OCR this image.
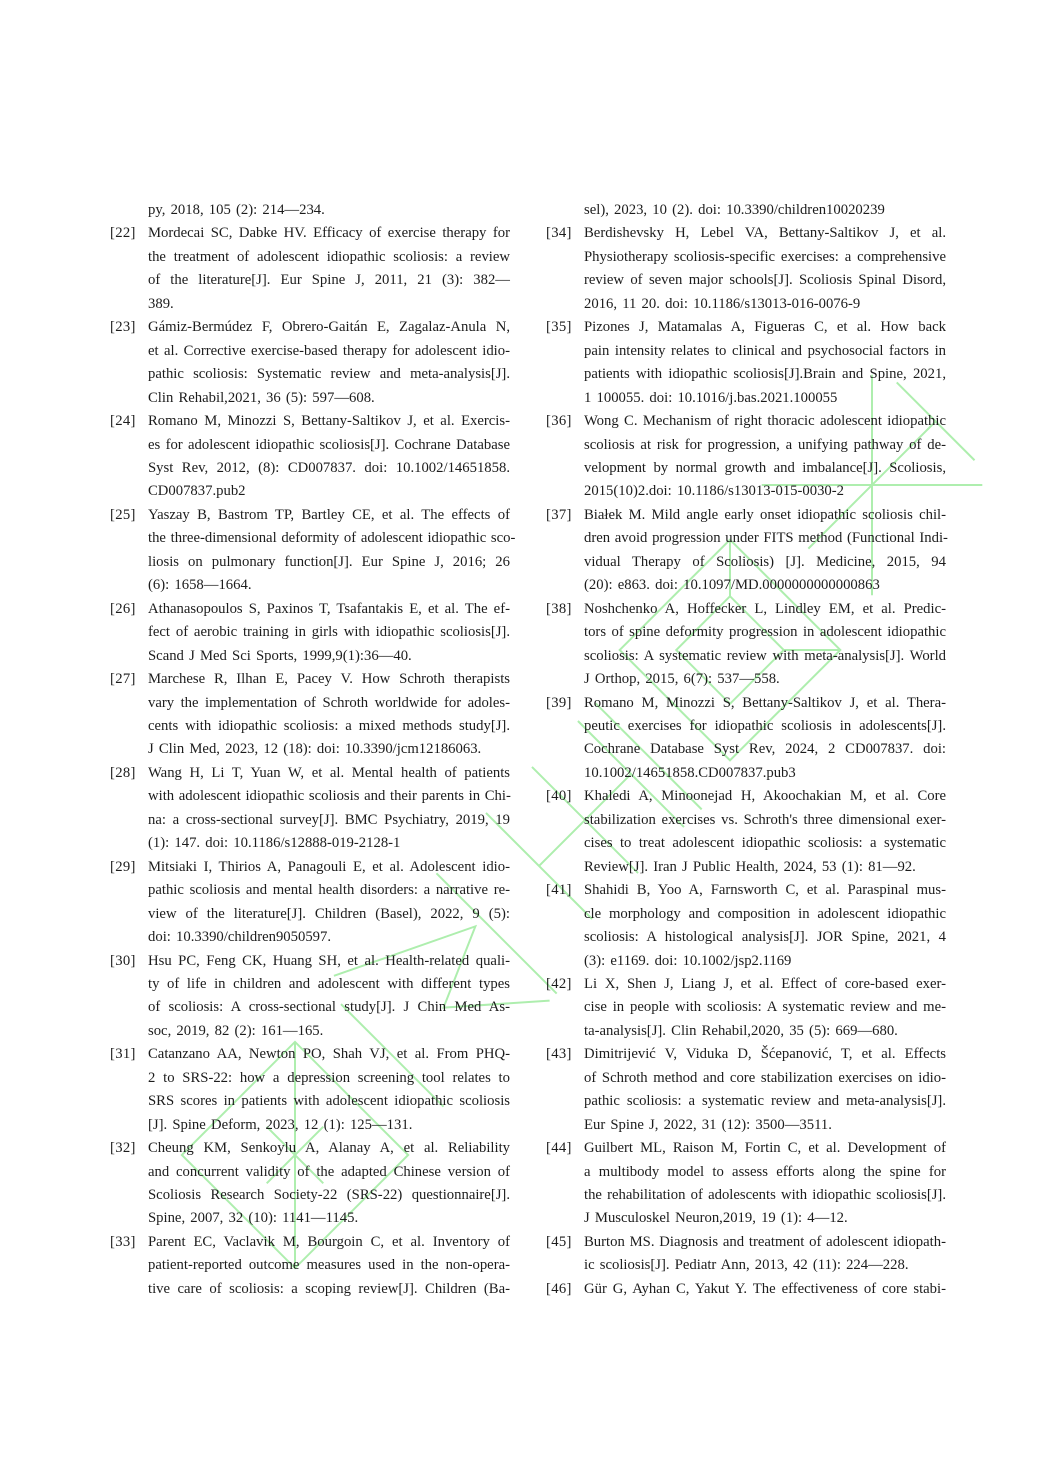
py, 2018, 105 (2): 214—234.
[22] Mordecai SC, Dabke HV. Efficacy of exercise therapy for
the treatment of adolescent idiopathic scoliosis: a review
of the literature[J]. Eur Spine J, 2011, 21 (3): 382—
389.
[23] Gámiz-Bermúdez F, Obrero-Gaitán E, Zagalaz-Anula N,
et al. Corrective exercise-based therapy for adolescent idio-
pathic scoliosis: Systematic review and meta-analysis[J].
Clin Rehabil,2021, 36 (5): 597—608.
[24] Romano M, Minozzi S, Bettany-Saltikov J, et al. Exercis-
es for adolescent idiopathic scoliosis[J]. Cochrane Database
Syst Rev, 2012, (8): CD007837. doi: 10.1002/14651858.
CD007837.pub2
[25] Yaszay B, Bastrom TP, Bartley CE, et al. The effects of
the three-dimensional deformity of adolescent idiopathic sco-
liosis on pulmonary function[J]. Eur Spine J, 2016; 26
(6): 1658—1664.
[26] Athanasopoulos S, Paxinos T, Tsafantakis E, et al. The ef-
fect of aerobic training in girls with idiopathic scoliosis[J].
Scand J Med Sci Sports, 1999,9(1):36—40.
[27] Marchese R, Ilhan E, Pacey V. How Schroth therapists
vary the implementation of Schroth worldwide for adoles-
cents with idiopathic scoliosis: a mixed methods study[J].
J Clin Med, 2023, 12 (18): doi: 10.3390/jcm12186063.
[28] Wang H, Li T, Yuan W, et al. Mental health of patients
with adolescent idiopathic scoliosis and their parents in Chi-
na: a cross-sectional survey[J]. BMC Psychiatry, 2019, 19
(1): 147. doi: 10.1186/s12888-019-2128-1
[29] Mitsiaki I, Thirios A, Panagouli E, et al. Adolescent idio-
pathic scoliosis and mental health disorders: a narrative re-
view of the literature[J]. Children (Basel), 2022, 9 (5):
doi: 10.3390/children9050597.
[30] Hsu PC, Feng CK, Huang SH, et al. Health-related quali-
ty of life in children and adolescent with different types
of scoliosis: A cross-sectional study[J]. J Chin Med As-
soc, 2019, 82 (2): 161—165.
[31] Catanzano AA, Newton PO, Shah VJ, et al. From PHQ-
2 to SRS-22: how a depression screening tool relates to
SRS scores in patients with adolescent idiopathic scoliosis
[J]. Spine Deform, 2023, 12 (1): 125—131.
[32] Cheung KM, Senkoylu A, Alanay A, et al. Reliability
and concurrent validity of the adapted Chinese version of
Scoliosis Research Society-22 (SRS-22) questionnaire[J].
Spine, 2007, 32 (10): 1141—1145.
[33] Parent EC, Vaclavik M, Bourgoin C, et al. Inventory of
patient-reported outcome measures used in the non-opera-
tive care of scoliosis: a scoping review[J]. Children (Ba-
sel), 2023, 10 (2). doi: 10.3390/children10020239
[34] Berdishevsky H, Lebel VA, Bettany-Saltikov J, et al.
Physiotherapy scoliosis-specific exercises: a comprehensive
review of seven major schools[J]. Scoliosis Spinal Disord,
2016, 11 20. doi: 10.1186/s13013-016-0076-9
[35] Pizones J, Matamalas A, Figueras C, et al. How back
pain intensity relates to clinical and psychosocial factors in
patients with idiopathic scoliosis[J].Brain and Spine, 2021,
1 100055. doi: 10.1016/j.bas.2021.100055
[36] Wong C. Mechanism of right thoracic adolescent idiopathic
scoliosis at risk for progression, a unifying pathway of de-
velopment by normal growth and imbalance[J]. Scoliosis,
2015(10)2.doi: 10.1186/s13013-015-0030-2
[37] Białek M. Mild angle early onset idiopathic scoliosis chil-
dren avoid progression under FITS method (Functional Indi-
vidual Therapy of Scoliosis) [J]. Medicine, 2015, 94
(20): e863. doi: 10.1097/MD.0000000000000863
[38] Noshchenko A, Hoffecker L, Lindley EM, et al. Predic-
tors of spine deformity progression in adolescent idiopathic
scoliosis: A systematic review with meta-analysis[J]. World
J Orthop, 2015, 6(7): 537—558.
[39] Romano M, Minozzi S, Bettany-Saltikov J, et al. Thera-
peutic exercises for idiopathic scoliosis in adolescents[J].
Cochrane Database Syst Rev, 2024, 2 CD007837. doi:
10.1002/14651858.CD007837.pub3
[40] Khaledi A, Minoonejad H, Akoochakian M, et al. Core
stabilization exercises vs. Schroth's three dimensional exer-
cises to treat adolescent idiopathic scoliosis: a systematic
Review[J]. Iran J Public Health, 2024, 53 (1): 81—92.
[41] Shahidi B, Yoo A, Farnsworth C, et al. Paraspinal mus-
cle morphology and composition in adolescent idiopathic
scoliosis: A histological analysis[J]. JOR Spine, 2021, 4
(3): e1169. doi: 10.1002/jsp2.1169
[42] Li X, Shen J, Liang J, et al. Effect of core-based exer-
cise in people with scoliosis: A systematic review and me-
ta-analysis[J]. Clin Rehabil,2020, 35 (5): 669—680.
[43] Dimitrijević V, Viduka D, Šćepanović, T, et al. Effects
of Schroth method and core stabilization exercises on idio-
pathic scoliosis: a systematic review and meta-analysis[J].
Eur Spine J, 2022, 31 (12): 3500—3511.
[44] Guilbert ML, Raison M, Fortin C, et al. Development of
a multibody model to assess efforts along the spine for
the rehabilitation of adolescents with idiopathic scoliosis[J].
J Musculoskel Neuron,2019, 19 (1): 4—12.
[45] Burton MS. Diagnosis and treatment of adolescent idiopath-
ic scoliosis[J]. Pediatr Ann, 2013, 42 (11): 224—228.
[46] Gür G, Ayhan C, Yakut Y. The effectiveness of core stabi-
